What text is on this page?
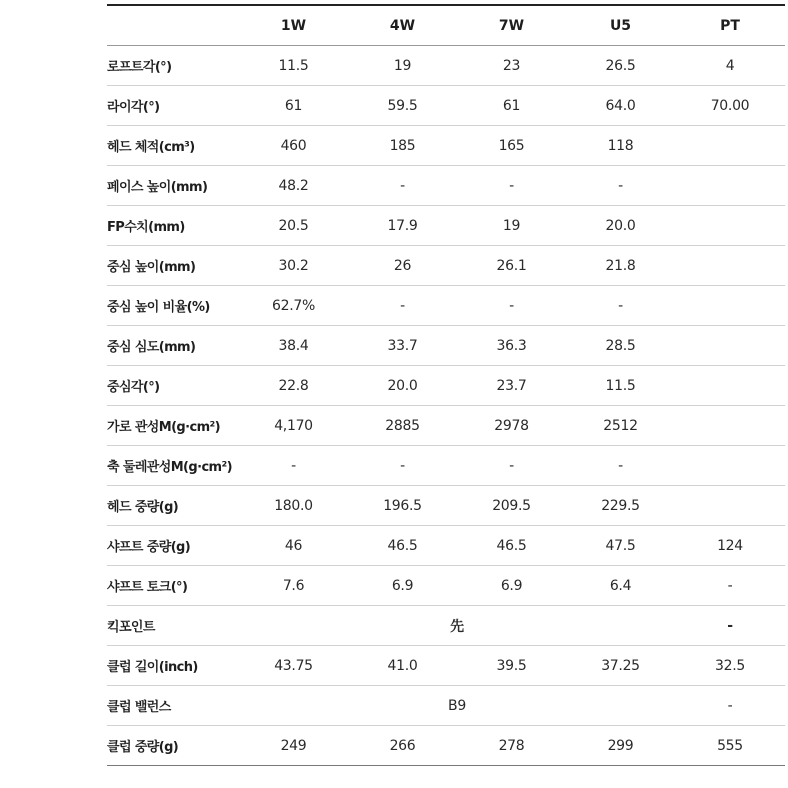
	1W	4W	7W	U5	PT
로프트각(°)	11.5	19	23	26.5	4
라이각(°)	61	59.5	61	64.0	70.00
헤드 체적(cm³)	460	185	165	118	
페이스 높이(mm)	48.2	-	-	-	
FP수치(mm)	20.5	17.9	19	20.0	
중심 높이(mm)	30.2	26	26.1	21.8	
중심 높이 비율(%)	62.7%	-	-	-	
중심 심도(mm)	38.4	33.7	36.3	28.5	
중심각(°)	22.8	20.0	23.7	11.5	
가로 관성M(g·cm²)	4,170	2885	2978	2512	
축 둘레관성M(g·cm²)	-	-	-	-	
헤드 중량(g)	180.0	196.5	209.5	229.5	
샤프트 중량(g)	46	46.5	46.5	47.5	124
샤프트 토크(°)	7.6	6.9	6.9	6.4	-
킥포인트	先				-
클럽 길이(inch)	43.75	41.0	39.5	37.25	32.5
클럽 밸런스	B9				-
클럽 중량(g)	249	266	278	299	555
